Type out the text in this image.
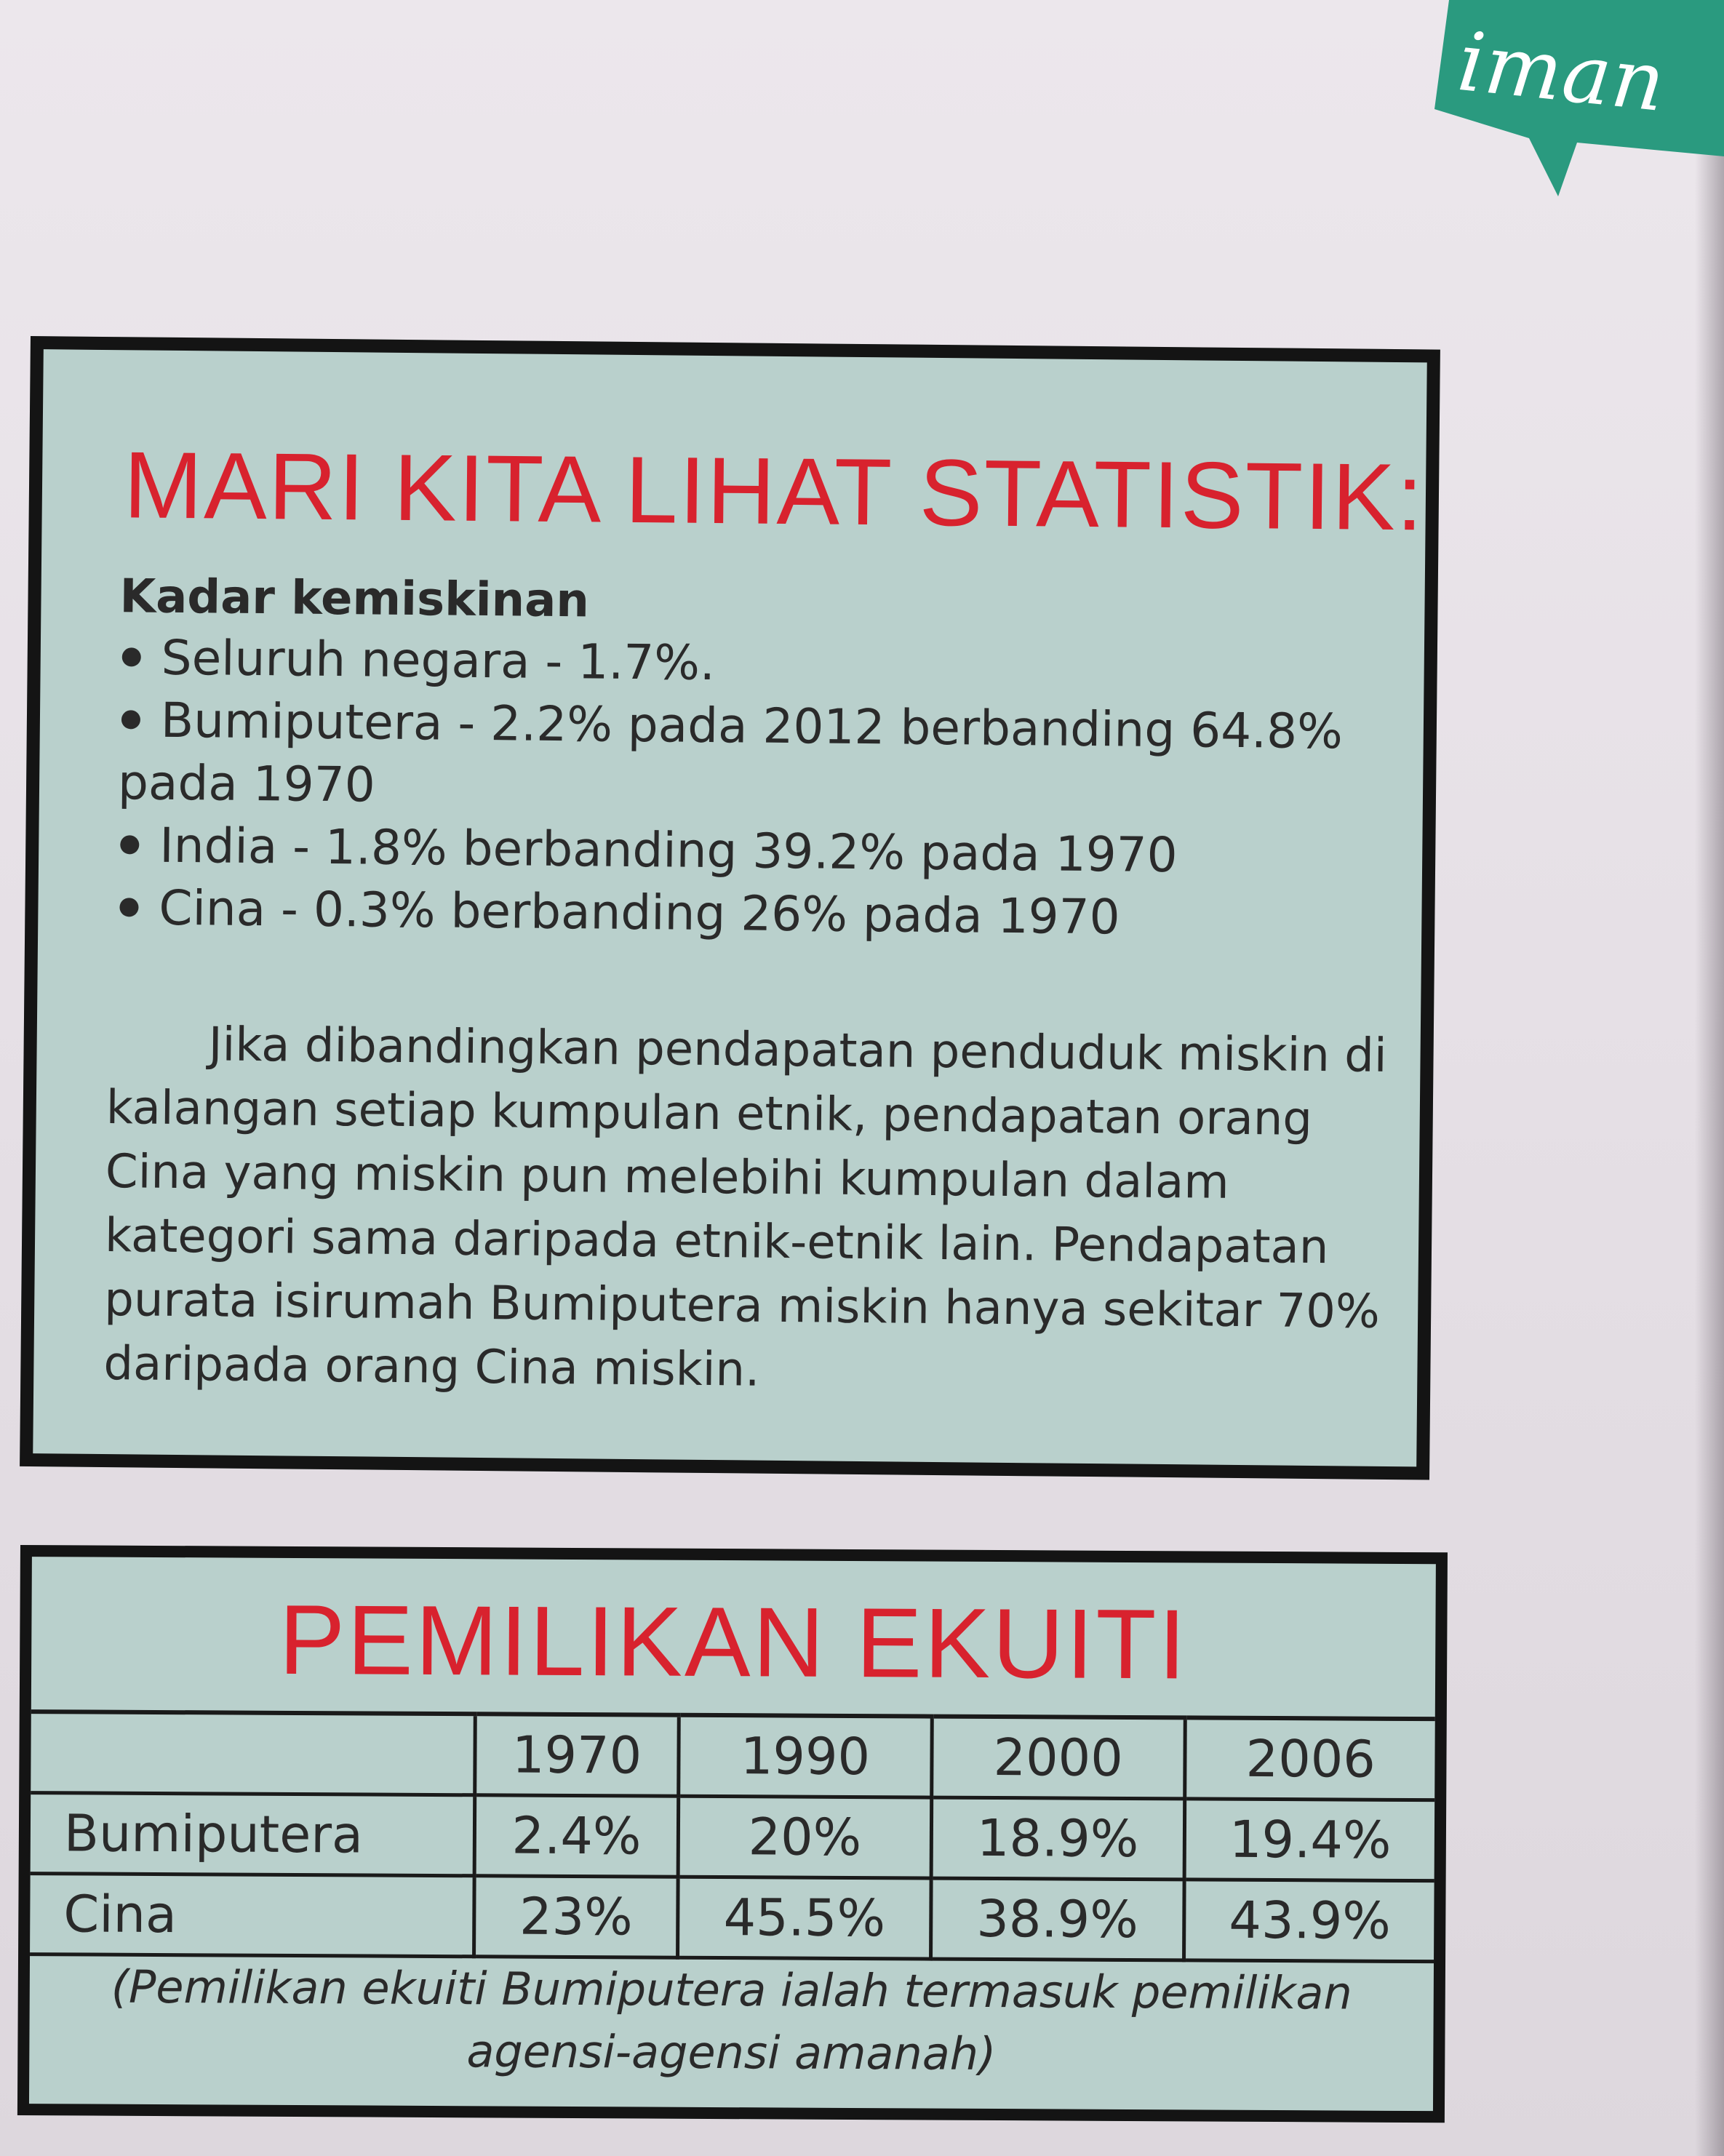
iman
MARI KITA LIHAT STATISTIK:
Kadar kemiskinan
Seluruh negara - 1.7%.
Bumiputera - 2.2% pada 2012 berbanding 64.8% pada 1970
India - 1.8% berbanding 39.2% pada 1970
Cina - 0.3% berbanding 26% pada 1970

Jika dibandingkan pendapatan penduduk miskin di kalangan setiap kumpulan etnik, pendapatan orang Cina yang miskin pun melebihi kumpulan dalam kategori sama daripada etnik-etnik lain. Pendapatan purata isirumah Bumiputera miskin hanya sekitar 70% daripada orang Cina miskin.

PEMILIKAN EKUITI
	1970	1990	2000	2006
Bumiputera	2.4%	20%	18.9%	19.4%
Cina	23%	45.5%	38.9%	43.9%
(Pemilikan ekuiti Bumiputera ialah termasuk pemilikan agensi-agensi amanah)
